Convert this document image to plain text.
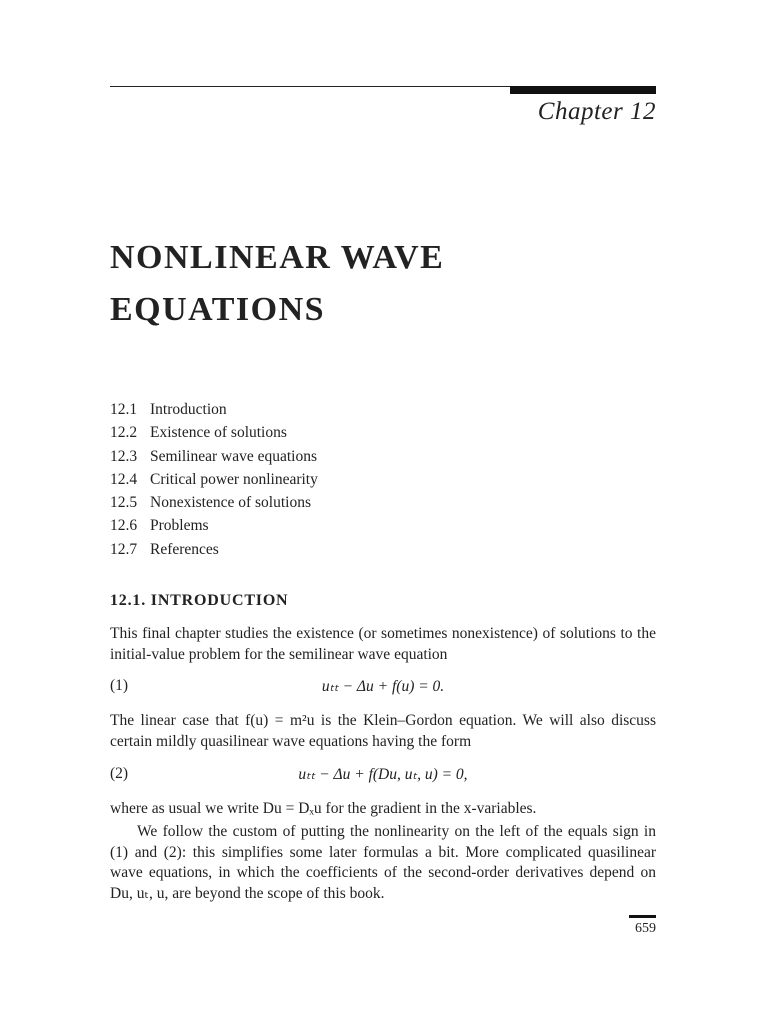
Chapter 12
NONLINEAR WAVE
EQUATIONS
12.1 Introduction
12.2 Existence of solutions
12.3 Semilinear wave equations
12.4 Critical power nonlinearity
12.5 Nonexistence of solutions
12.6 Problems
12.7 References
12.1. INTRODUCTION
This final chapter studies the existence (or sometimes nonexistence) of solutions to the initial-value problem for the semilinear wave equation
(1)	uₜₜ − Δu + f(u) = 0.
The linear case that f(u) = m²u is the Klein–Gordon equation. We will also discuss certain mildly quasilinear wave equations having the form
(2)	uₜₜ − Δu + f(Du, uₜ, u) = 0,
where as usual we write Du = Dₓu for the gradient in the x-variables.
We follow the custom of putting the nonlinearity on the left of the equals sign in (1) and (2): this simplifies some later formulas a bit. More complicated quasilinear wave equations, in which the coefficients of the second-order derivatives depend on Du, uₜ, u, are beyond the scope of this book.
659
